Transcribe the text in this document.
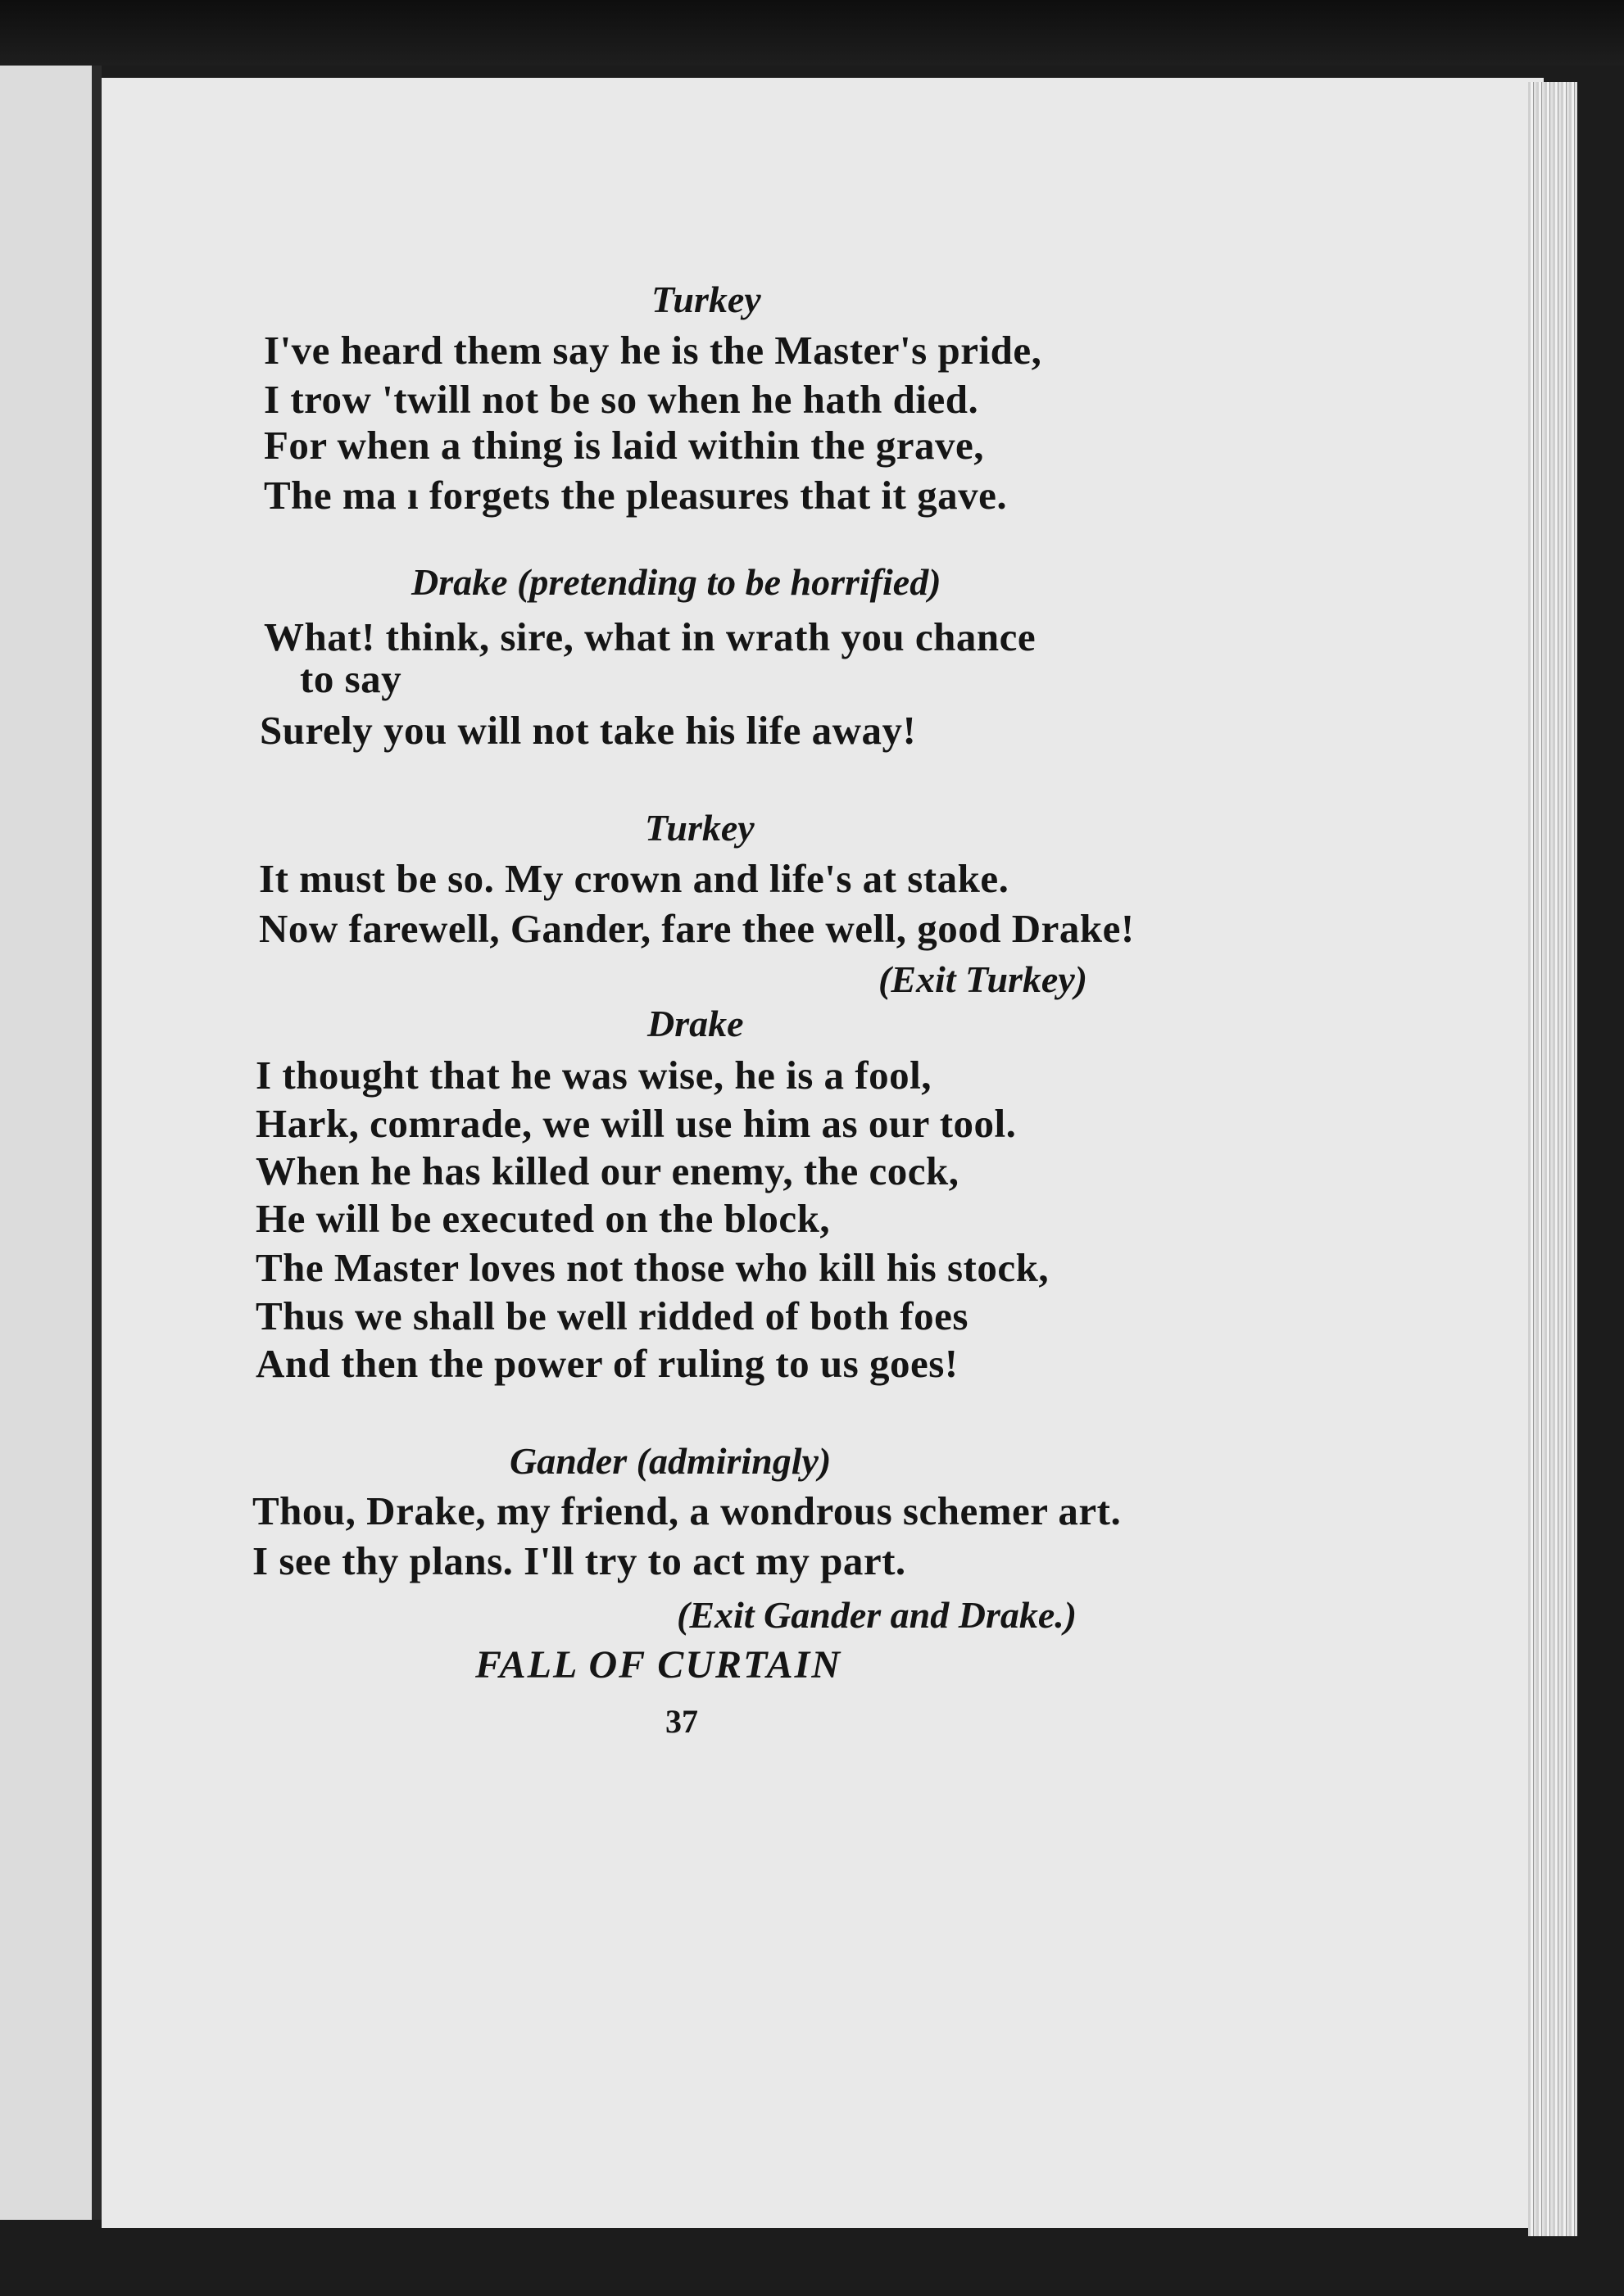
Turkey
I've heard them say he is the Master's pride,
I trow 'twill not be so when he hath died.
For when a thing is laid within the grave,
The ma ı forgets the pleasures that it gave.
Drake (pretending to be horrified)
What! think, sire, what in wrath you chance
to say
Surely you will not take his life away!
Turkey
It must be so. My crown and life's at stake.
Now farewell, Gander, fare thee well, good Drake!
(Exit Turkey)
Drake
I thought that he was wise, he is a fool,
Hark, comrade, we will use him as our tool.
When he has killed our enemy, the cock,
He will be executed on the block,
The Master loves not those who kill his stock,
Thus we shall be well ridded of both foes
And then the power of ruling to us goes!
Gander (admiringly)
Thou, Drake, my friend, a wondrous schemer art.
I see thy plans. I'll try to act my part.
(Exit Gander and Drake.)
FALL OF CURTAIN
37
